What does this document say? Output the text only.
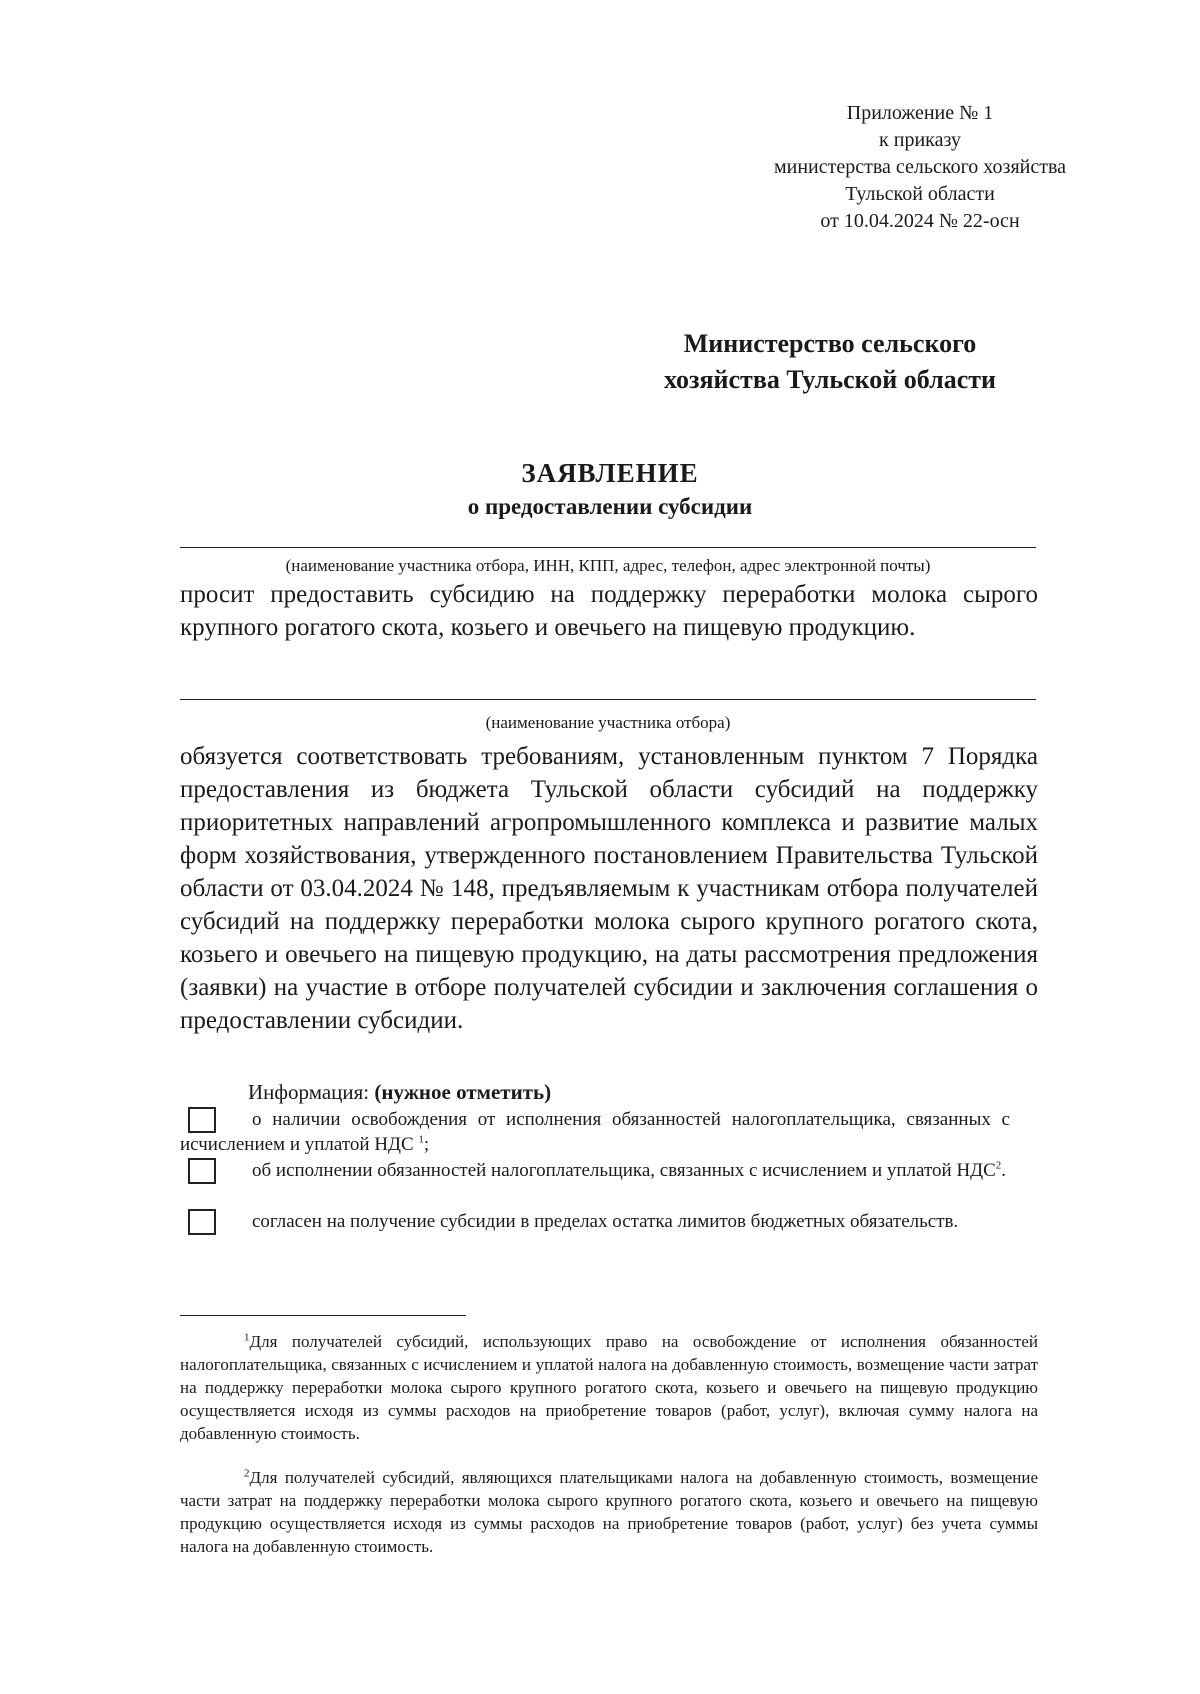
Приложение № 1
к приказу
министерства сельского хозяйства
Тульской области
от 10.04.2024 № 22-осн
Министерство сельского
хозяйства Тульской области
ЗАЯВЛЕНИЕ
о предоставлении субсидии
(наименование участника отбора, ИНН, КПП, адрес, телефон, адрес электронной почты)
просит предоставить субсидию на поддержку переработки молока сырого крупного рогатого скота, козьего и овечьего на пищевую продукцию.
(наименование участника отбора)
обязуется соответствовать требованиям, установленным пунктом 7 Порядка предоставления из бюджета Тульской области субсидий на поддержку приоритетных направлений агропромышленного комплекса и развитие малых форм хозяйствования, утвержденного постановлением Правительства Тульской области от 03.04.2024 № 148, предъявляемым к участникам отбора получателей субсидий на поддержку переработки молока сырого крупного рогатого скота, козьего и овечьего на пищевую продукцию, на даты рассмотрения предложения (заявки) на участие в отборе получателей субсидии и заключения соглашения о предоставлении субсидии.
Информация: (нужное отметить)
о наличии освобождения от исполнения обязанностей налогоплательщика, связанных с исчислением и уплатой НДС $^1$;
об исполнении обязанностей налогоплательщика, связанных с исчислением и уплатой НДС$^2$.
согласен на получение субсидии в пределах остатка лимитов бюджетных обязательств.
$^1$Для получателей субсидий, использующих право на освобождение от исполнения обязанностей налогоплательщика, связанных с исчислением и уплатой налога на добавленную стоимость, возмещение части затрат на поддержку переработки молока сырого крупного рогатого скота, козьего и овечьего на пищевую продукцию осуществляется исходя из суммы расходов на приобретение товаров (работ, услуг), включая сумму налога на добавленную стоимость.
$^2$Для получателей субсидий, являющихся плательщиками налога на добавленную стоимость, возмещение части затрат на поддержку переработки молока сырого крупного рогатого скота, козьего и овечьего на пищевую продукцию осуществляется исходя из суммы расходов на приобретение товаров (работ, услуг) без учета суммы налога на добавленную стоимость.
